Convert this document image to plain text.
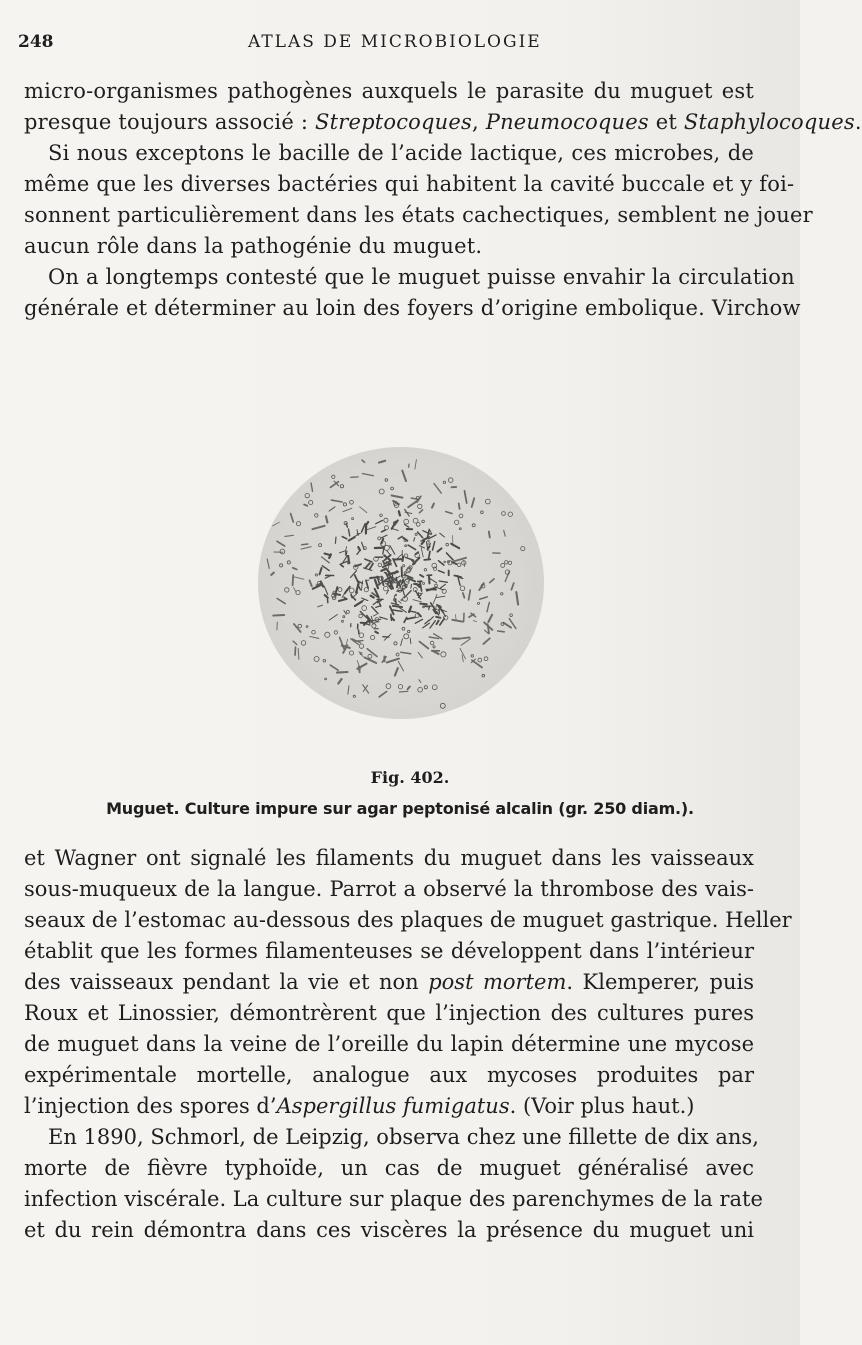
248	ATLAS DE MICROBIOLOGIE
micro-organismes pathogènes auxquels le parasite du muguet est
presque toujours associé : Streptocoques, Pneumocoques et Staphylocoques.
Si nous exceptons le bacille de l’acide lactique, ces microbes, de
même que les diverses bactéries qui habitent la cavité buccale et y foi-
sonnent particulièrement dans les états cachectiques, semblent ne jouer
aucun rôle dans la pathogénie du muguet.
On a longtemps contesté que le muguet puisse envahir la circulation
générale et déterminer au loin des foyers d’origine embolique. Virchow
Fig. 402.
Muguet. Culture impure sur agar peptonisé alcalin (gr. 250 diam.).
et Wagner ont signalé les filaments du muguet dans les vaisseaux
sous-muqueux de la langue. Parrot a observé la thrombose des vais-
seaux de l’estomac au-dessous des plaques de muguet gastrique. Heller
établit que les formes filamenteuses se développent dans l’intérieur
des vaisseaux pendant la vie et non post mortem. Klemperer, puis
Roux et Linossier, démontrèrent que l’injection des cultures pures
de muguet dans la veine de l’oreille du lapin détermine une mycose
expérimentale mortelle, analogue aux mycoses produites par
l’injection des spores d’Aspergillus fumigatus. (Voir plus haut.)
En 1890, Schmorl, de Leipzig, observa chez une fillette de dix ans,
morte de fièvre typhoïde, un cas de muguet généralisé avec
infection viscérale. La culture sur plaque des parenchymes de la rate
et du rein démontra dans ces viscères la présence du muguet uni
